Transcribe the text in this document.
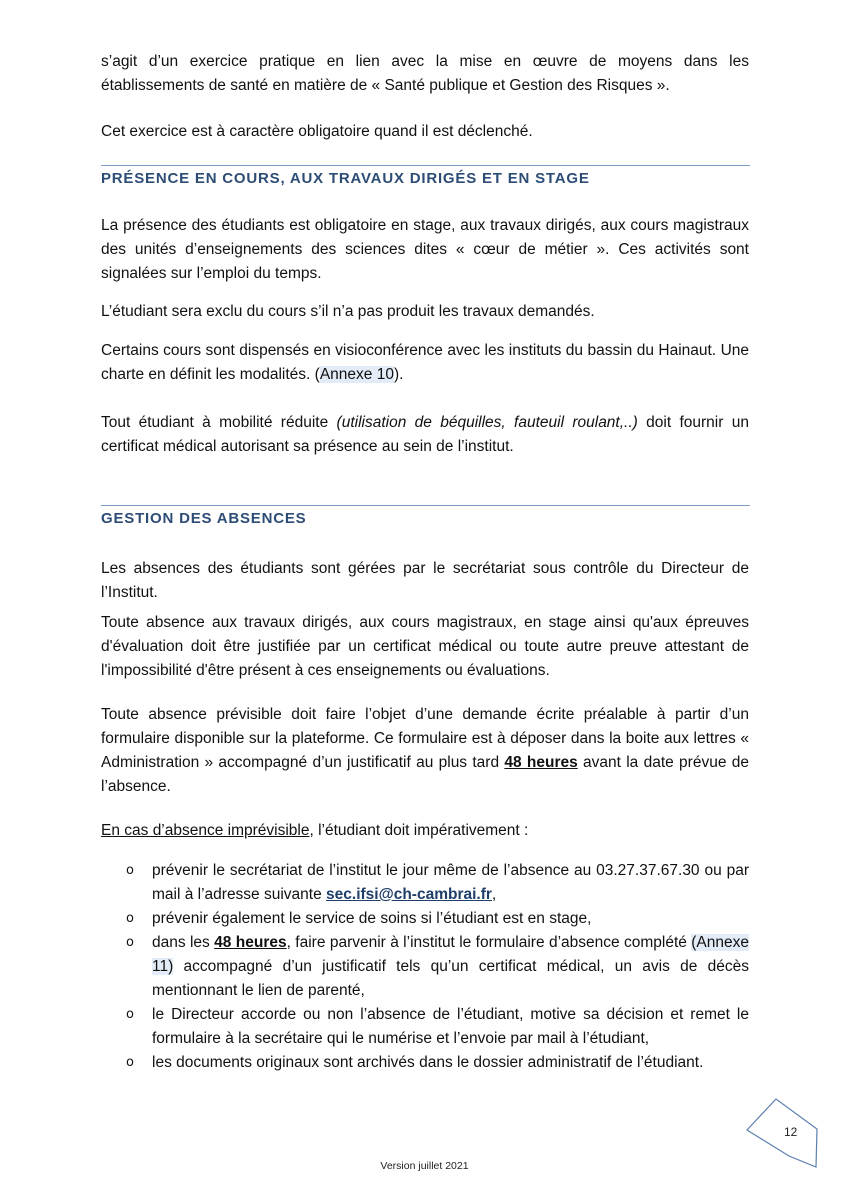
s’agit d’un exercice pratique en lien avec la mise en œuvre de moyens dans les établissements de santé en matière de « Santé publique et Gestion des Risques ».

Cet exercice est à caractère obligatoire quand il est déclenché.

PRÉSENCE EN COURS, AUX TRAVAUX DIRIGÉS ET EN STAGE

La présence des étudiants est obligatoire en stage, aux travaux dirigés, aux cours magistraux des unités d’enseignements des sciences dites « cœur de métier ». Ces activités sont signalées sur l’emploi du temps.

L’étudiant sera exclu du cours s’il n’a pas produit les travaux demandés.

Certains cours sont dispensés en visioconférence avec les instituts du bassin du Hainaut. Une charte en définit les modalités. (Annexe 10).

Tout étudiant à mobilité réduite (utilisation de béquilles, fauteuil roulant,..) doit fournir un certificat médical autorisant sa présence au sein de l’institut.

GESTION DES ABSENCES

Les absences des étudiants sont gérées par le secrétariat sous contrôle du Directeur de l’Institut.

Toute absence aux travaux dirigés, aux cours magistraux, en stage ainsi qu'aux épreuves d'évaluation doit être justifiée par un certificat médical ou toute autre preuve attestant de l'impossibilité d'être présent à ces enseignements ou évaluations.

Toute absence prévisible doit faire l’objet d’une demande écrite préalable à partir d’un formulaire disponible sur la plateforme. Ce formulaire est à déposer dans la boite aux lettres « Administration » accompagné d’un justificatif au plus tard 48 heures avant la date prévue de l’absence.

En cas d’absence imprévisible, l’étudiant doit impérativement :

o prévenir le secrétariat de l’institut le jour même de l’absence au 03.27.37.67.30 ou par mail à l’adresse suivante sec.ifsi@ch-cambrai.fr,
o prévenir également le service de soins si l’étudiant est en stage,
o dans les 48 heures, faire parvenir à l’institut le formulaire d’absence complété (Annexe 11) accompagné d’un justificatif tels qu’un certificat médical, un avis de décès mentionnant le lien de parenté,
o le Directeur accorde ou non l’absence de l’étudiant, motive sa décision et remet le formulaire à la secrétaire qui le numérise et l’envoie par mail à l’étudiant,
o les documents originaux sont archivés dans le dossier administratif de l’étudiant.
12
Version juillet 2021
